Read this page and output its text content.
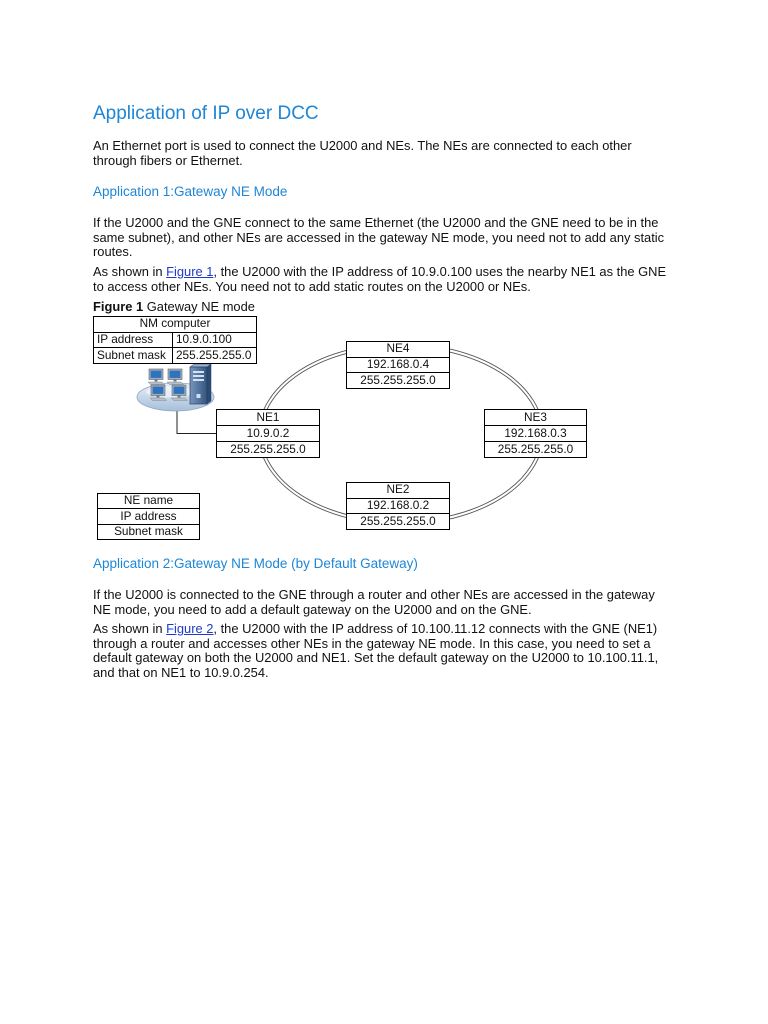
Application of IP over DCC
An Ethernet port is used to connect the U2000 and NEs. The NEs are connected to each other
through fibers or Ethernet.
Application 1:Gateway NE Mode
If the U2000 and the GNE connect to the same Ethernet (the U2000 and the GNE need to be in the
same subnet), and other NEs are accessed in the gateway NE mode, you need not to add any static
routes.
As shown in Figure 1, the U2000 with the IP address of 10.9.0.100 uses the nearby NE1 as the GNE
to access other NEs. You need not to add static routes on the U2000 or NEs.
Figure 1 Gateway NE mode
NM computer
IP address	10.9.0.100
Subnet mask 255.255.255.0
NE1
10.9.0.2
255.255.255.0
NE2
192.168.0.2
255.255.255.0
NE3
192.168.0.3
255.255.255.0
NE4
192.168.0.4
255.255.255.0
NE name
IP address
Subnet mask
Application 2:Gateway NE Mode (by Default Gateway)
If the U2000 is connected to the GNE through a router and other NEs are accessed in the gateway
NE mode, you need to add a default gateway on the U2000 and on the GNE.
As shown in Figure 2, the U2000 with the IP address of 10.100.11.12 connects with the GNE (NE1)
through a router and accesses other NEs in the gateway NE mode. In this case, you need to set a
default gateway on both the U2000 and NE1. Set the default gateway on the U2000 to 10.100.11.1,
and that on NE1 to 10.9.0.254.
